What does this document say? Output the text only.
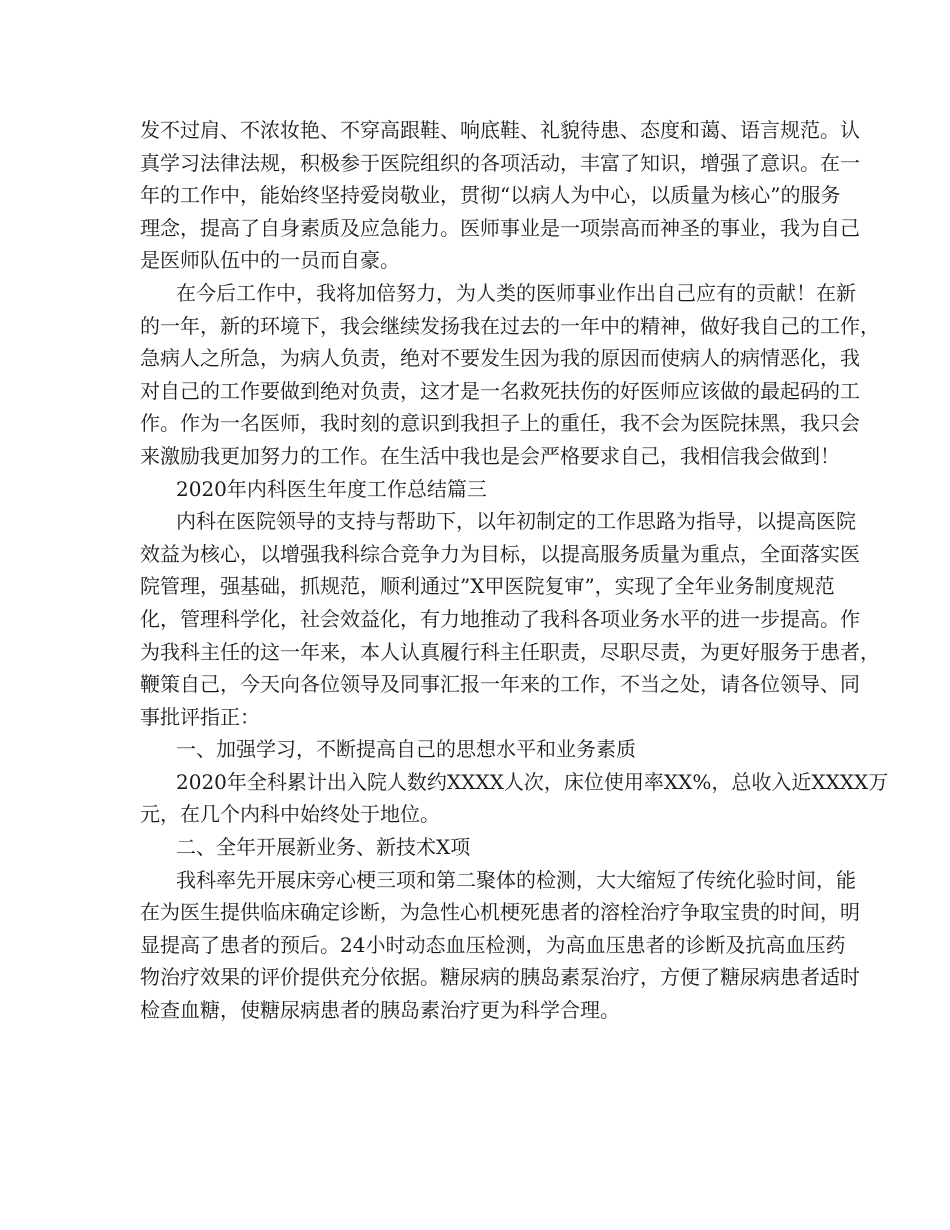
发不过肩、不浓妆艳、不穿高跟鞋、响底鞋、礼貌待患、态度和蔼、语言规范。认
真学习法律法规，积极参于医院组织的各项活动，丰富了知识，增强了意识。在一
年的工作中，能始终坚持爱岗敬业，贯彻“以病人为中心，以质量为核心”的服务
理念，提高了自身素质及应急能力。医师事业是一项崇高而神圣的事业，我为自己
是医师队伍中的一员而自豪。
在今后工作中，我将加倍努力，为人类的医师事业作出自己应有的贡献！在新
的一年，新的环境下，我会继续发扬我在过去的一年中的精神，做好我自己的工作，
急病人之所急，为病人负责，绝对不要发生因为我的原因而使病人的病情恶化，我
对自己的工作要做到绝对负责，这才是一名救死扶伤的好医师应该做的最起码的工
作。作为一名医师，我时刻的意识到我担子上的重任，我不会为医院抹黑，我只会
来激励我更加努力的工作。在生活中我也是会严格要求自己，我相信我会做到！
2020年内科医生年度工作总结篇三
内科在医院领导的支持与帮助下，以年初制定的工作思路为指导，以提高医院
效益为核心，以增强我科综合竞争力为目标，以提高服务质量为重点，全面落实医
院管理，强基础，抓规范，顺利通过”X甲医院复审”，实现了全年业务制度规范
化，管理科学化，社会效益化，有力地推动了我科各项业务水平的进一步提高。作
为我科主任的这一年来，本人认真履行科主任职责，尽职尽责，为更好服务于患者，
鞭策自己，今天向各位领导及同事汇报一年来的工作，不当之处，请各位领导、同
事批评指正：
一、加强学习，不断提高自己的思想水平和业务素质
2020年全科累计出入院人数约XXXX人次，床位使用率XX%，总收入近XXXX万
元，在几个内科中始终处于地位。
二、全年开展新业务、新技术X项
我科率先开展床旁心梗三项和第二聚体的检测，大大缩短了传统化验时间，能
在为医生提供临床确定诊断，为急性心机梗死患者的溶栓治疗争取宝贵的时间，明
显提高了患者的预后。24小时动态血压检测，为高血压患者的诊断及抗高血压药
物治疗效果的评价提供充分依据。糖尿病的胰岛素泵治疗，方便了糖尿病患者适时
检查血糖，使糖尿病患者的胰岛素治疗更为科学合理。
